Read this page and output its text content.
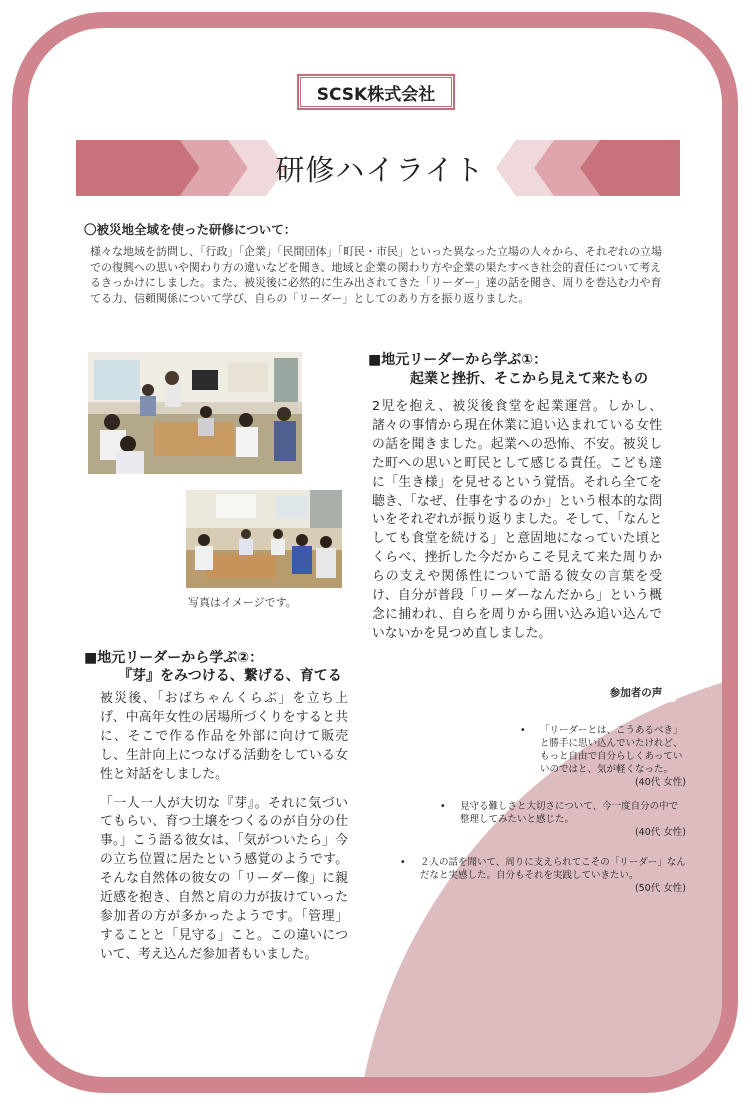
SCSK株式会社
研修ハイライト
〇被災地全域を使った研修について：
様々な地域を訪問し、「行政」「企業」「民間団体」「町民・市民」といった異なった立場の人々から、それぞれの立場での復興への思いや関わり方の違いなどを聞き、地域と企業の関わり方や企業の果たすべき社会的責任について考えるきっかけにしました。また、被災後に必然的に生み出されてきた「リーダー」達の話を聞き、周りを巻込む力や育てる力、信頼関係について学び、自らの「リーダー」としてのあり方を振り返りました。
写真はイメージです。
■地元リーダーから学ぶ①：
起業と挫折、そこから見えて来たもの
2児を抱え、被災後食堂を起業運営。しかし、諸々の事情から現在休業に追い込まれている女性の話を聞きました。起業への恐怖、不安。被災した町への思いと町民として感じる責任。こども達に「生き様」を見せるという覚悟。それら全てを聴き、「なぜ、仕事をするのか」という根本的な問いをそれぞれが振り返りました。そして、「なんとしても食堂を続ける」と意固地になっていた頃とくらべ、挫折した今だからこそ見えて来た周りからの支えや関係性について語る彼女の言葉を受け、自分が普段「リーダーなんだから」という概念に捕われ、自らを周りから囲い込み追い込んでいないかを見つめ直しました。
■地元リーダーから学ぶ②：
『芽』をみつける、繋げる、育てる

被災後、「おばちゃんくらぶ」を立ち上げ、中高年女性の居場所づくりをすると共に、そこで作る作品を外部に向けて販売し、生計向上につなげる活動をしている女性と対話をしました。

「一人一人が大切な『芽』。それに気づいてもらい、育つ土壌をつくるのが自分の仕事。」こう語る彼女は、「気がついたら」今の立ち位置に居たという感覚のようです。そんな自然体の彼女の「リーダー像」に親近感を抱き、自然と肩の力が抜けていった参加者の方が多かったようです。「管理」することと「見守る」こと。この違いについて、考え込んだ参加者もいました。

参加者の声
• 「リーダーとは、こうあるべき」と勝手に思い込んでいたけれど、もっと自由で自分らしくあっていいのではと、気が軽くなった。
(40代 女性)
• 見守る難しさと大切さについて、今一度自分の中で整理してみたいと感じた。
(40代 女性)
• ２人の話を聞いて、周りに支えられてこその「リーダー」なんだなと実感した。自分もそれを実践していきたい。
(50代 女性)
